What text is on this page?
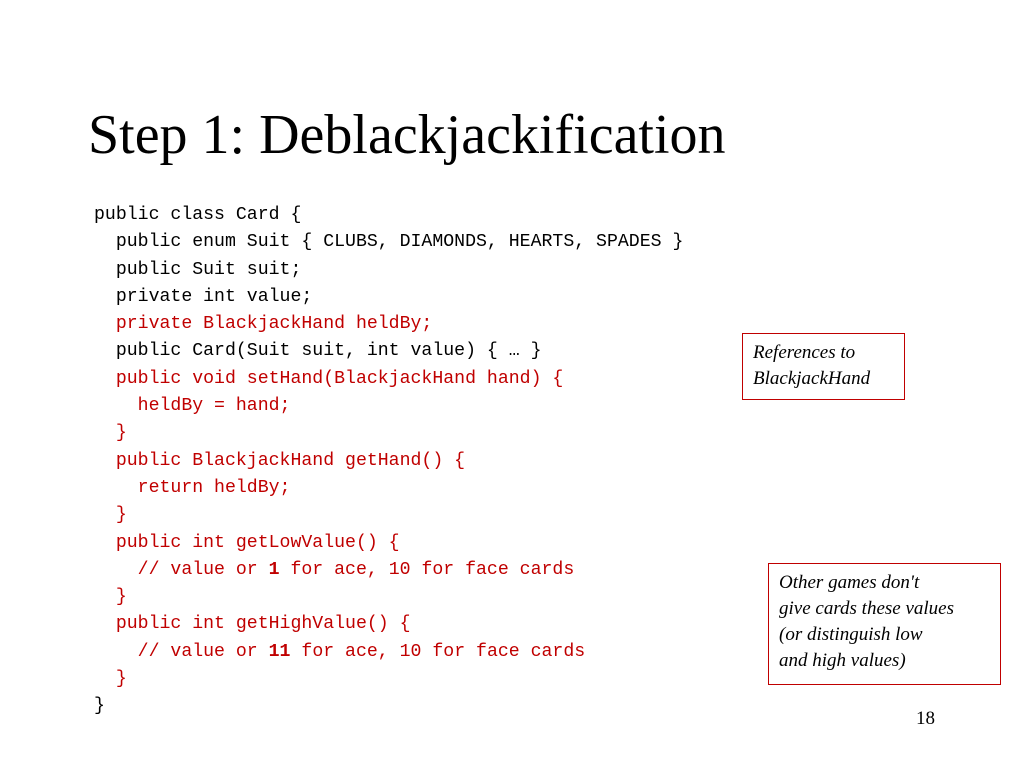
Step 1: Deblackjackification
public class Card {
public enum Suit { CLUBS, DIAMONDS, HEARTS, SPADES }
public Suit suit;
private int value;
private BlackjackHand heldBy;
public Card(Suit suit, int value) { … }
public void setHand(BlackjackHand hand) {
heldBy = hand;
}
public BlackjackHand getHand() {
return heldBy;
}
public int getLowValue() {
// value or 1 for ace, 10 for face cards
}
public int getHighValue() {
// value or 11 for ace, 10 for face cards
}
}
References to
BlackjackHand
Other games don't
give cards these values
(or distinguish low
and high values)
18
